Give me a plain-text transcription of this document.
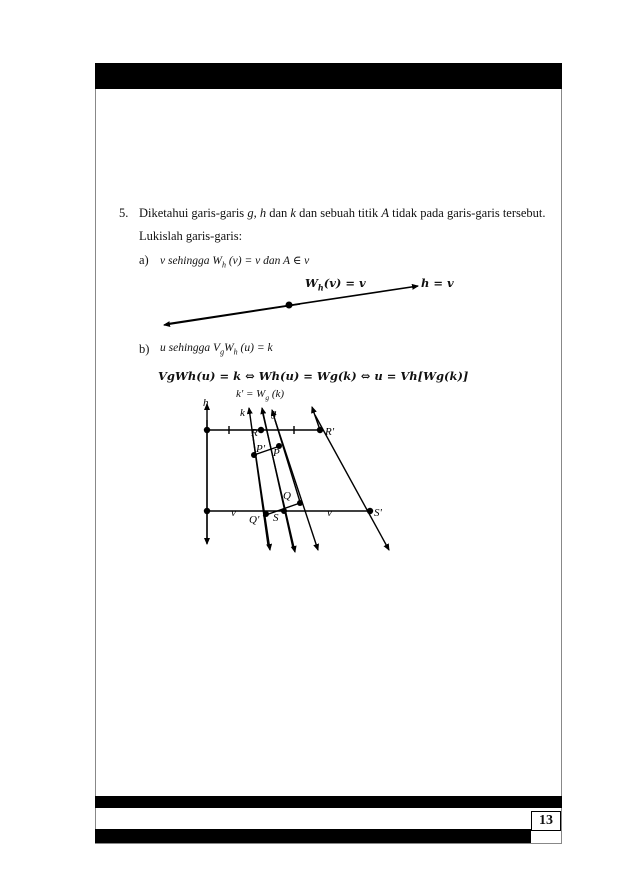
13
5. Diketahui garis-garis g, h dan k dan sebuah titik A tidak pada garis-garis tersebut.
Lukislah garis-garis:
a) v sehingga $W_h$ (v) = v dan A ∈ v
$W_h(v) = v$	h = v
b) u sehingga $V_gW_h$ (u) = k
VgWh(u) = k ⇔ Wh(u) = Wg(k) ⇔ u = Vh[Wg(k)]
$k' = W_g$ (k)
h
k g
R	R'
P
P'
Q
Q' S	S'
v	v
